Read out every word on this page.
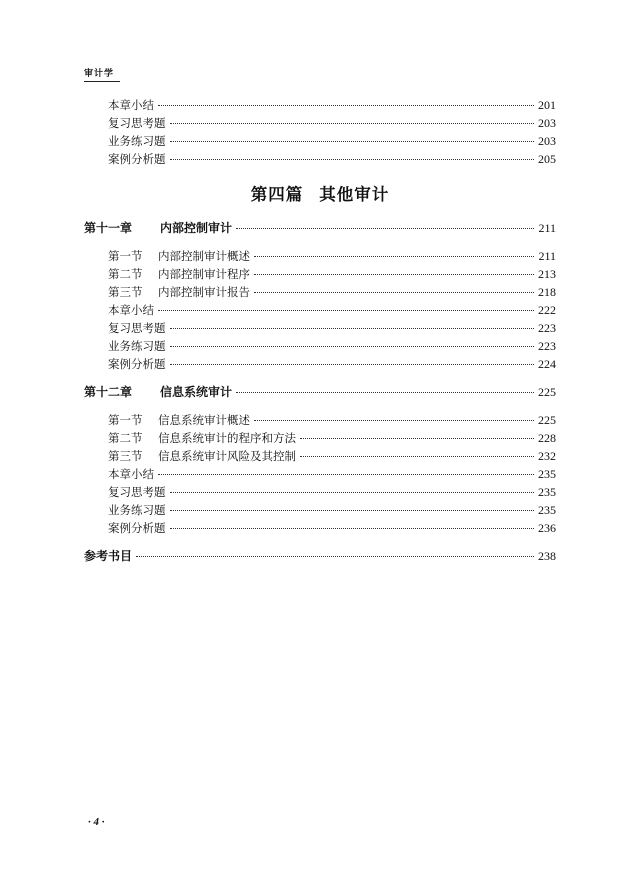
审计学
本章小结	201
复习思考题	203
业务练习题	203
案例分析题	205
第四篇 其他审计
第十一章	内部控制审计	211
第一节	内部控制审计概述	211
第二节	内部控制审计程序	213
第三节	内部控制审计报告	218
本章小结	222
复习思考题	223
业务练习题	223
案例分析题	224
第十二章	信息系统审计	225
第一节	信息系统审计概述	225
第二节	信息系统审计的程序和方法	228
第三节	信息系统审计风险及其控制	232
本章小结	235
复习思考题	235
业务练习题	235
案例分析题	236
参考书目	238
· 4 ·
